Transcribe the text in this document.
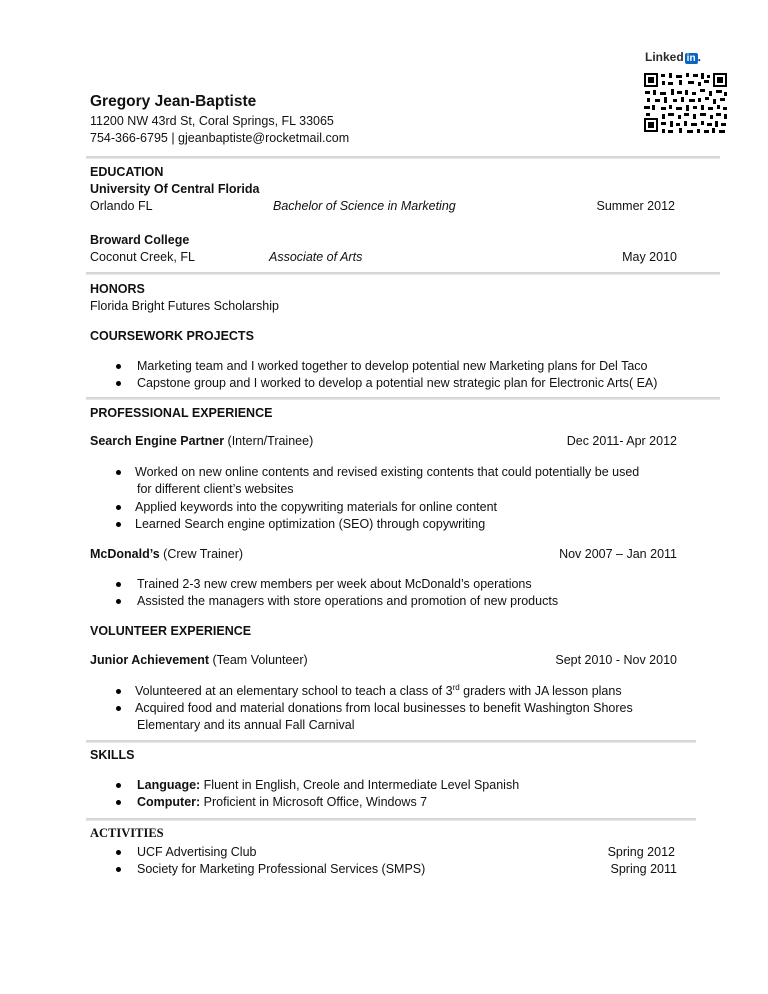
Linked in .
Gregory Jean-Baptiste
11200 NW 43rd St, Coral Springs, FL 33065
754-366-6795 | gjeanbaptiste@rocketmail.com
EDUCATION
University Of Central Florida
Orlando FL	Bachelor of Science in Marketing	Summer 2012
Broward College
Coconut Creek, FL	Associate of Arts	May 2010
HONORS
Florida Bright Futures Scholarship
COURSEWORK PROJECTS
Marketing team and I worked together to develop potential new Marketing plans for Del Taco
Capstone group and I worked to develop a potential new strategic plan for Electronic Arts( EA)
PROFESSIONAL EXPERIENCE
Search Engine Partner (Intern/Trainee)	Dec 2011- Apr 2012
Worked on new online contents and revised existing contents that could potentially be used
for different client’s websites
Applied keywords into the copywriting materials for online content
Learned Search engine optimization (SEO) through copywriting
McDonald’s (Crew Trainer)	Nov 2007 – Jan 2011
Trained 2-3 new crew members per week about McDonald’s operations
Assisted the managers with store operations and promotion of new products
VOLUNTEER EXPERIENCE
Junior Achievement (Team Volunteer)	Sept 2010 - Nov 2010
Volunteered at an elementary school to teach a class of 3rd graders with JA lesson plans
Acquired food and material donations from local businesses to benefit Washington Shores
Elementary and its annual Fall Carnival
SKILLS
Language: Fluent in English, Creole and Intermediate Level Spanish
Computer: Proficient in Microsoft Office, Windows 7
ACTIVITIES
UCF Advertising Club	Spring 2012
Society for Marketing Professional Services (SMPS)	Spring 2011
